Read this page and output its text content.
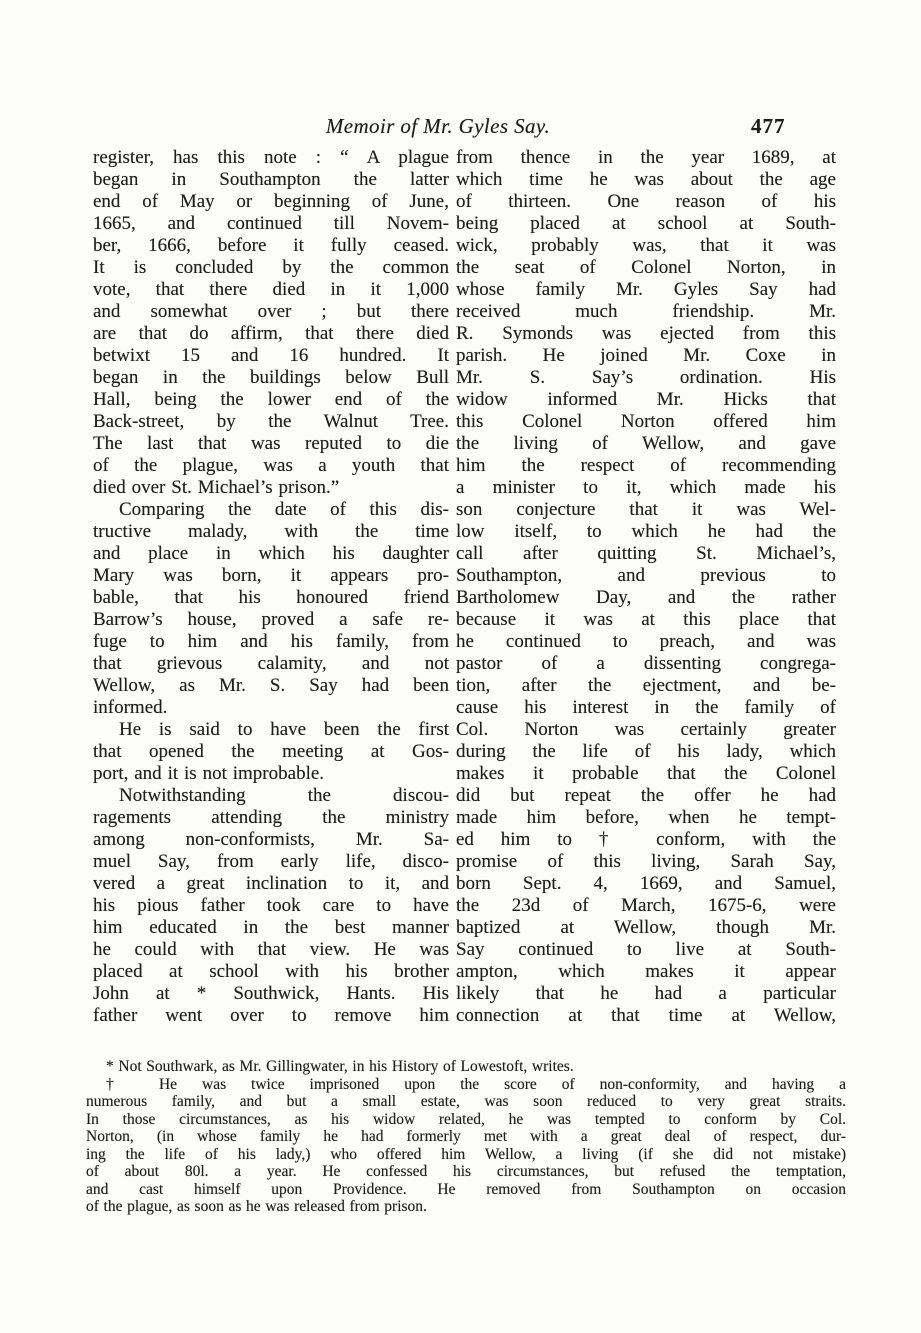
Memoir of Mr. Gyles Say.	477
register, has this note : “ A plague
began in Southampton the latter
end of May or beginning of June,
1665, and continued till Novem-
ber, 1666, before it fully ceased.
It is concluded by the common
vote, that there died in it 1,000
and somewhat over ; but there
are that do affirm, that there died
betwixt 15 and 16 hundred. It
began in the buildings below Bull
Hall, being the lower end of the
Back-street, by the Walnut Tree.
The last that was reputed to die
of the plague, was a youth that
died over St. Michael’s prison.”
Comparing the date of this dis-
tructive malady, with the time
and place in which his daughter
Mary was born, it appears pro-
bable, that his honoured friend
Barrow’s house, proved a safe re-
fuge to him and his family, from
that grievous calamity, and not
Wellow, as Mr. S. Say had been
informed.
He is said to have been the first
that opened the meeting at Gos-
port, and it is not improbable.
Notwithstanding the discou-
ragements attending the ministry
among non-conformists, Mr. Sa-
muel Say, from early life, disco-
vered a great inclination to it, and
his pious father took care to have
him educated in the best manner
he could with that view. He was
placed at school with his brother
John at * Southwick, Hants. His
father went over to remove him
from thence in the year 1689, at
which time he was about the age
of thirteen. One reason of his
being placed at school at South-
wick, probably was, that it was
the seat of Colonel Norton, in
whose family Mr. Gyles Say had
received much friendship. Mr.
R. Symonds was ejected from this
parish. He joined Mr. Coxe in
Mr. S. Say’s ordination. His
widow informed Mr. Hicks that
this Colonel Norton offered him
the living of Wellow, and gave
him the respect of recommending
a minister to it, which made his
son conjecture that it was Wel-
low itself, to which he had the
call after quitting St. Michael’s,
Southampton, and previous to
Bartholomew Day, and the rather
because it was at this place that
he continued to preach, and was
pastor of a dissenting congrega-
tion, after the ejectment, and be-
cause his interest in the family of
Col. Norton was certainly greater
during the life of his lady, which
makes it probable that the Colonel
did but repeat the offer he had
made him before, when he tempt-
ed him to † conform, with the
promise of this living, Sarah Say,
born Sept. 4, 1669, and Samuel,
the 23d of March, 1675-6, were
baptized at Wellow, though Mr.
Say continued to live at South-
ampton, which makes it appear
likely that he had a particular
connection at that time at Wellow,
* Not Southwark, as Mr. Gillingwater, in his History of Lowestoft, writes.
† He was twice imprisoned upon the score of non-conformity, and having a
numerous family, and but a small estate, was soon reduced to very great straits.
In those circumstances, as his widow related, he was tempted to conform by Col.
Norton, (in whose family he had formerly met with a great deal of respect, dur-
ing the life of his lady,) who offered him Wellow, a living (if she did not mistake)
of about 80l. a year. He confessed his circumstances, but refused the temptation,
and cast himself upon Providence. He removed from Southampton on occasion
of the plague, as soon as he was released from prison.
